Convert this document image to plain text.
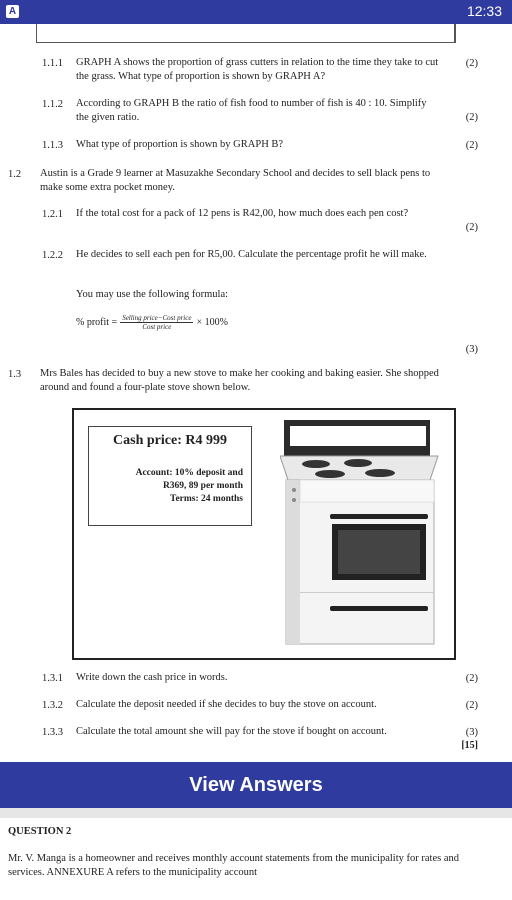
A	12:33
1.1.1 GRAPH A shows the proportion of grass cutters in relation to the time they take to cut the grass. What type of proportion is shown by GRAPH A?
(2)
1.1.2 According to GRAPH B the ratio of fish food to number of fish is 40 : 10. Simplify the given ratio.	(2)
1.1.3 What type of proportion is shown by GRAPH B?	(2)
1.2 Austin is a Grade 9 learner at Masuzakhe Secondary School and decides to sell black pens to make some extra pocket money.
1.2.1 If the total cost for a pack of 12 pens is R42,00, how much does each pen cost?
(2)
1.2.2 He decides to sell each pen for R5,00. Calculate the percentage profit he will make.
You may use the following formula:
% profit = $\frac{\text{Selling price−Cost price}}{\text{Cost price}} \times 100\%$
(3)
1.3 Mrs Bales has decided to buy a new stove to make her cooking and baking easier. She shopped around and found a four-plate stove shown below.
Cash price: R4 999
Account: 10% deposit and
R369, 89 per month
Terms: 24 months
1.3.1 Write down the cash price in words.	(2)
1.3.2 Calculate the deposit needed if she decides to buy the stove on account.	(2)
1.3.3 Calculate the total amount she will pay for the stove if bought on account.	(3)
[15]
View Answers
QUESTION 2
Mr. V. Manga is a homeowner and receives monthly account statements from the municipality for rates and services. ANNEXURE A refers to the municipality account
